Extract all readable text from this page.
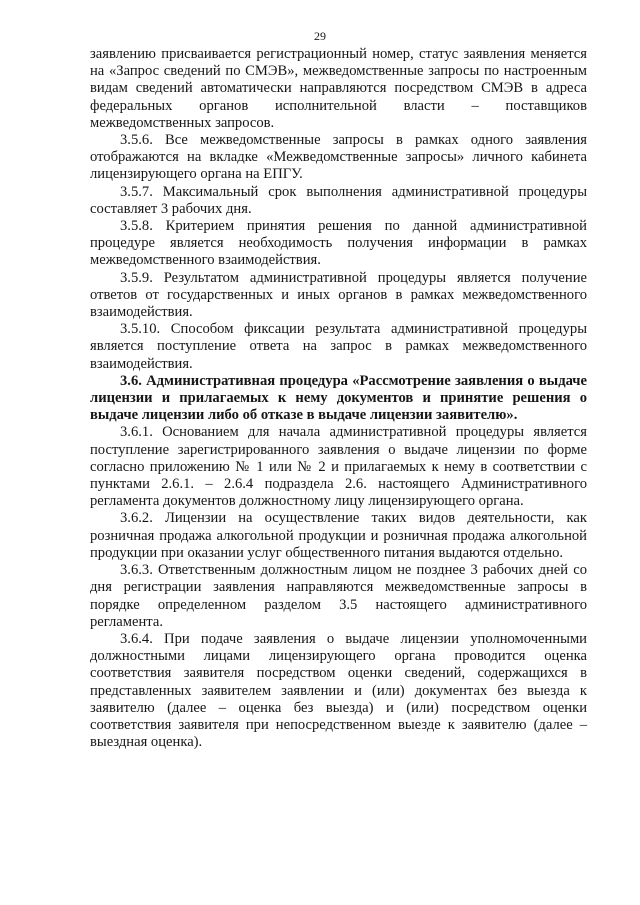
29

заявлению присваивается регистрационный номер, статус заявления меняется на «Запрос сведений по СМЭВ», межведомственные запросы по настроенным видам сведений автоматически направляются посредством СМЭВ в адреса федеральных органов исполнительной власти – поставщиков межведомственных запросов.

3.5.6. Все межведомственные запросы в рамках одного заявления отображаются на вкладке «Межведомственные запросы» личного кабинета лицензирующего органа на ЕПГУ.

3.5.7. Максимальный срок выполнения административной процедуры составляет 3 рабочих дня.

3.5.8. Критерием принятия решения по данной административной процедуре является необходимость получения информации в рамках межведомственного взаимодействия.

3.5.9. Результатом административной процедуры является получение ответов от государственных и иных органов в рамках межведомственного взаимодействия.

3.5.10. Способом фиксации результата административной процедуры является поступление ответа на запрос в рамках межведомственного взаимодействия.

3.6. Административная процедура «Рассмотрение заявления о выдаче лицензии и прилагаемых к нему документов и принятие решения о выдаче лицензии либо об отказе в выдаче лицензии заявителю».

3.6.1. Основанием для начала административной процедуры является поступление зарегистрированного заявления о выдаче лицензии по форме согласно приложению № 1 или № 2 и прилагаемых к нему в соответствии с пунктами 2.6.1. – 2.6.4 подраздела 2.6. настоящего Административного регламента документов должностному лицу лицензирующего органа.

3.6.2. Лицензии на осуществление таких видов деятельности, как розничная продажа алкогольной продукции и розничная продажа алкогольной продукции при оказании услуг общественного питания выдаются отдельно.

3.6.3. Ответственным должностным лицом не позднее 3 рабочих дней со дня регистрации заявления направляются межведомственные запросы в порядке определенном разделом 3.5 настоящего административного регламента.

3.6.4. При подаче заявления о выдаче лицензии уполномоченными должностными лицами лицензирующего органа проводится оценка соответствия заявителя посредством оценки сведений, содержащихся в представленных заявителем заявлении и (или) документах без выезда к заявителю (далее – оценка без выезда) и (или) посредством оценки соответствия заявителя при непосредственном выезде к заявителю (далее – выездная оценка).
